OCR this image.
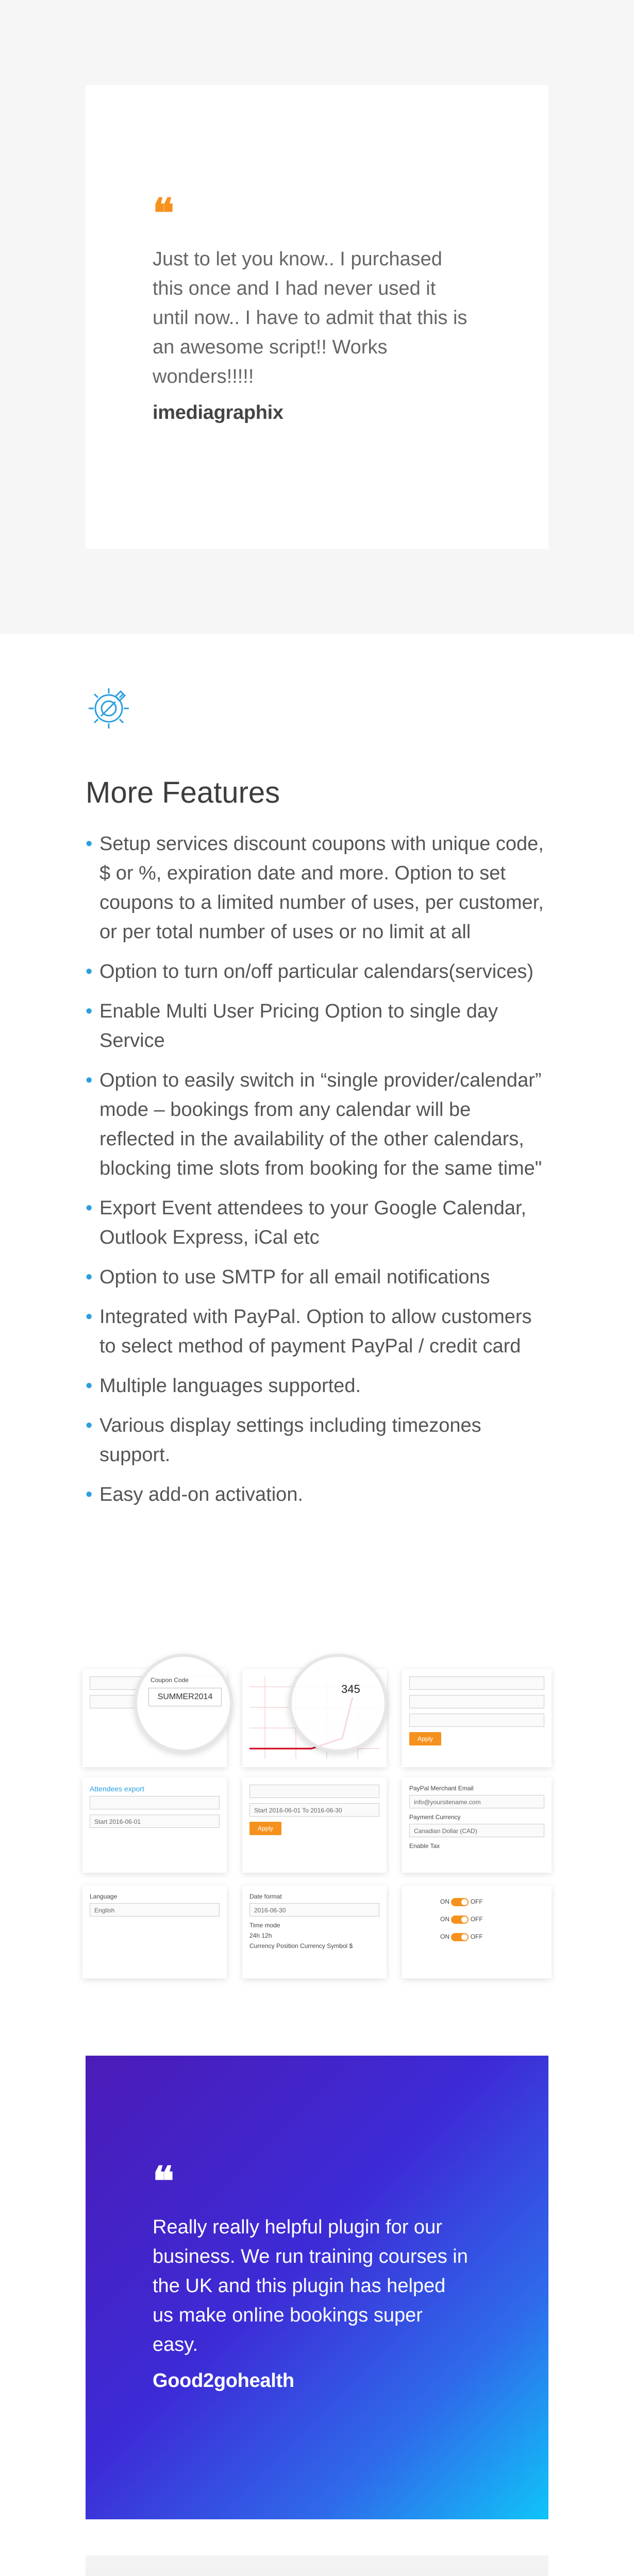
❝
Just to let you know.. I purchased this once and I had never used it until now.. I have to admit that this is an awesome script!! Works wonders!!!!!
imediagraphix
More Features
• Setup services discount coupons with unique code, $ or %, expiration date and more. Option to set coupons to a limited number of uses, per customer, or per total number of uses or no limit at all
• Option to turn on/off particular calendars(services)
• Enable Multi User Pricing Option to single day Service
• Option to easily switch in “single provider/calendar” mode – bookings from any calendar will be reflected in the availability of the other calendars, blocking time slots from booking for the same time"
• Export Event attendees to your Google Calendar, Outlook Express, iCal etc
• Option to use SMTP for all email notifications
• Integrated with PayPal. Option to allow customers to select method of payment PayPal / credit card
• Multiple languages supported.
• Various display settings including timezones support.
• Easy add-on activation.

Coupon Code
SUMMER2014
345

Apply
Attendees export

Start 2016-06-01

Start 2016-06-01 To 2016-06-30
Apply
PayPal Merchant Email
info@yoursitename.com
Payment Currency
Canadian Dollar (CAD)
Enable Tax
Language
English
Date format
2016-06-30
Time mode
24h 12h
Currency Position Currency Symbol $
ON	OFF
ON	OFF
ON	OFF
❝
Really really helpful plugin for our business. We run training courses in the UK and this plugin has helped us make online bookings super easy.
Good2gohealth
